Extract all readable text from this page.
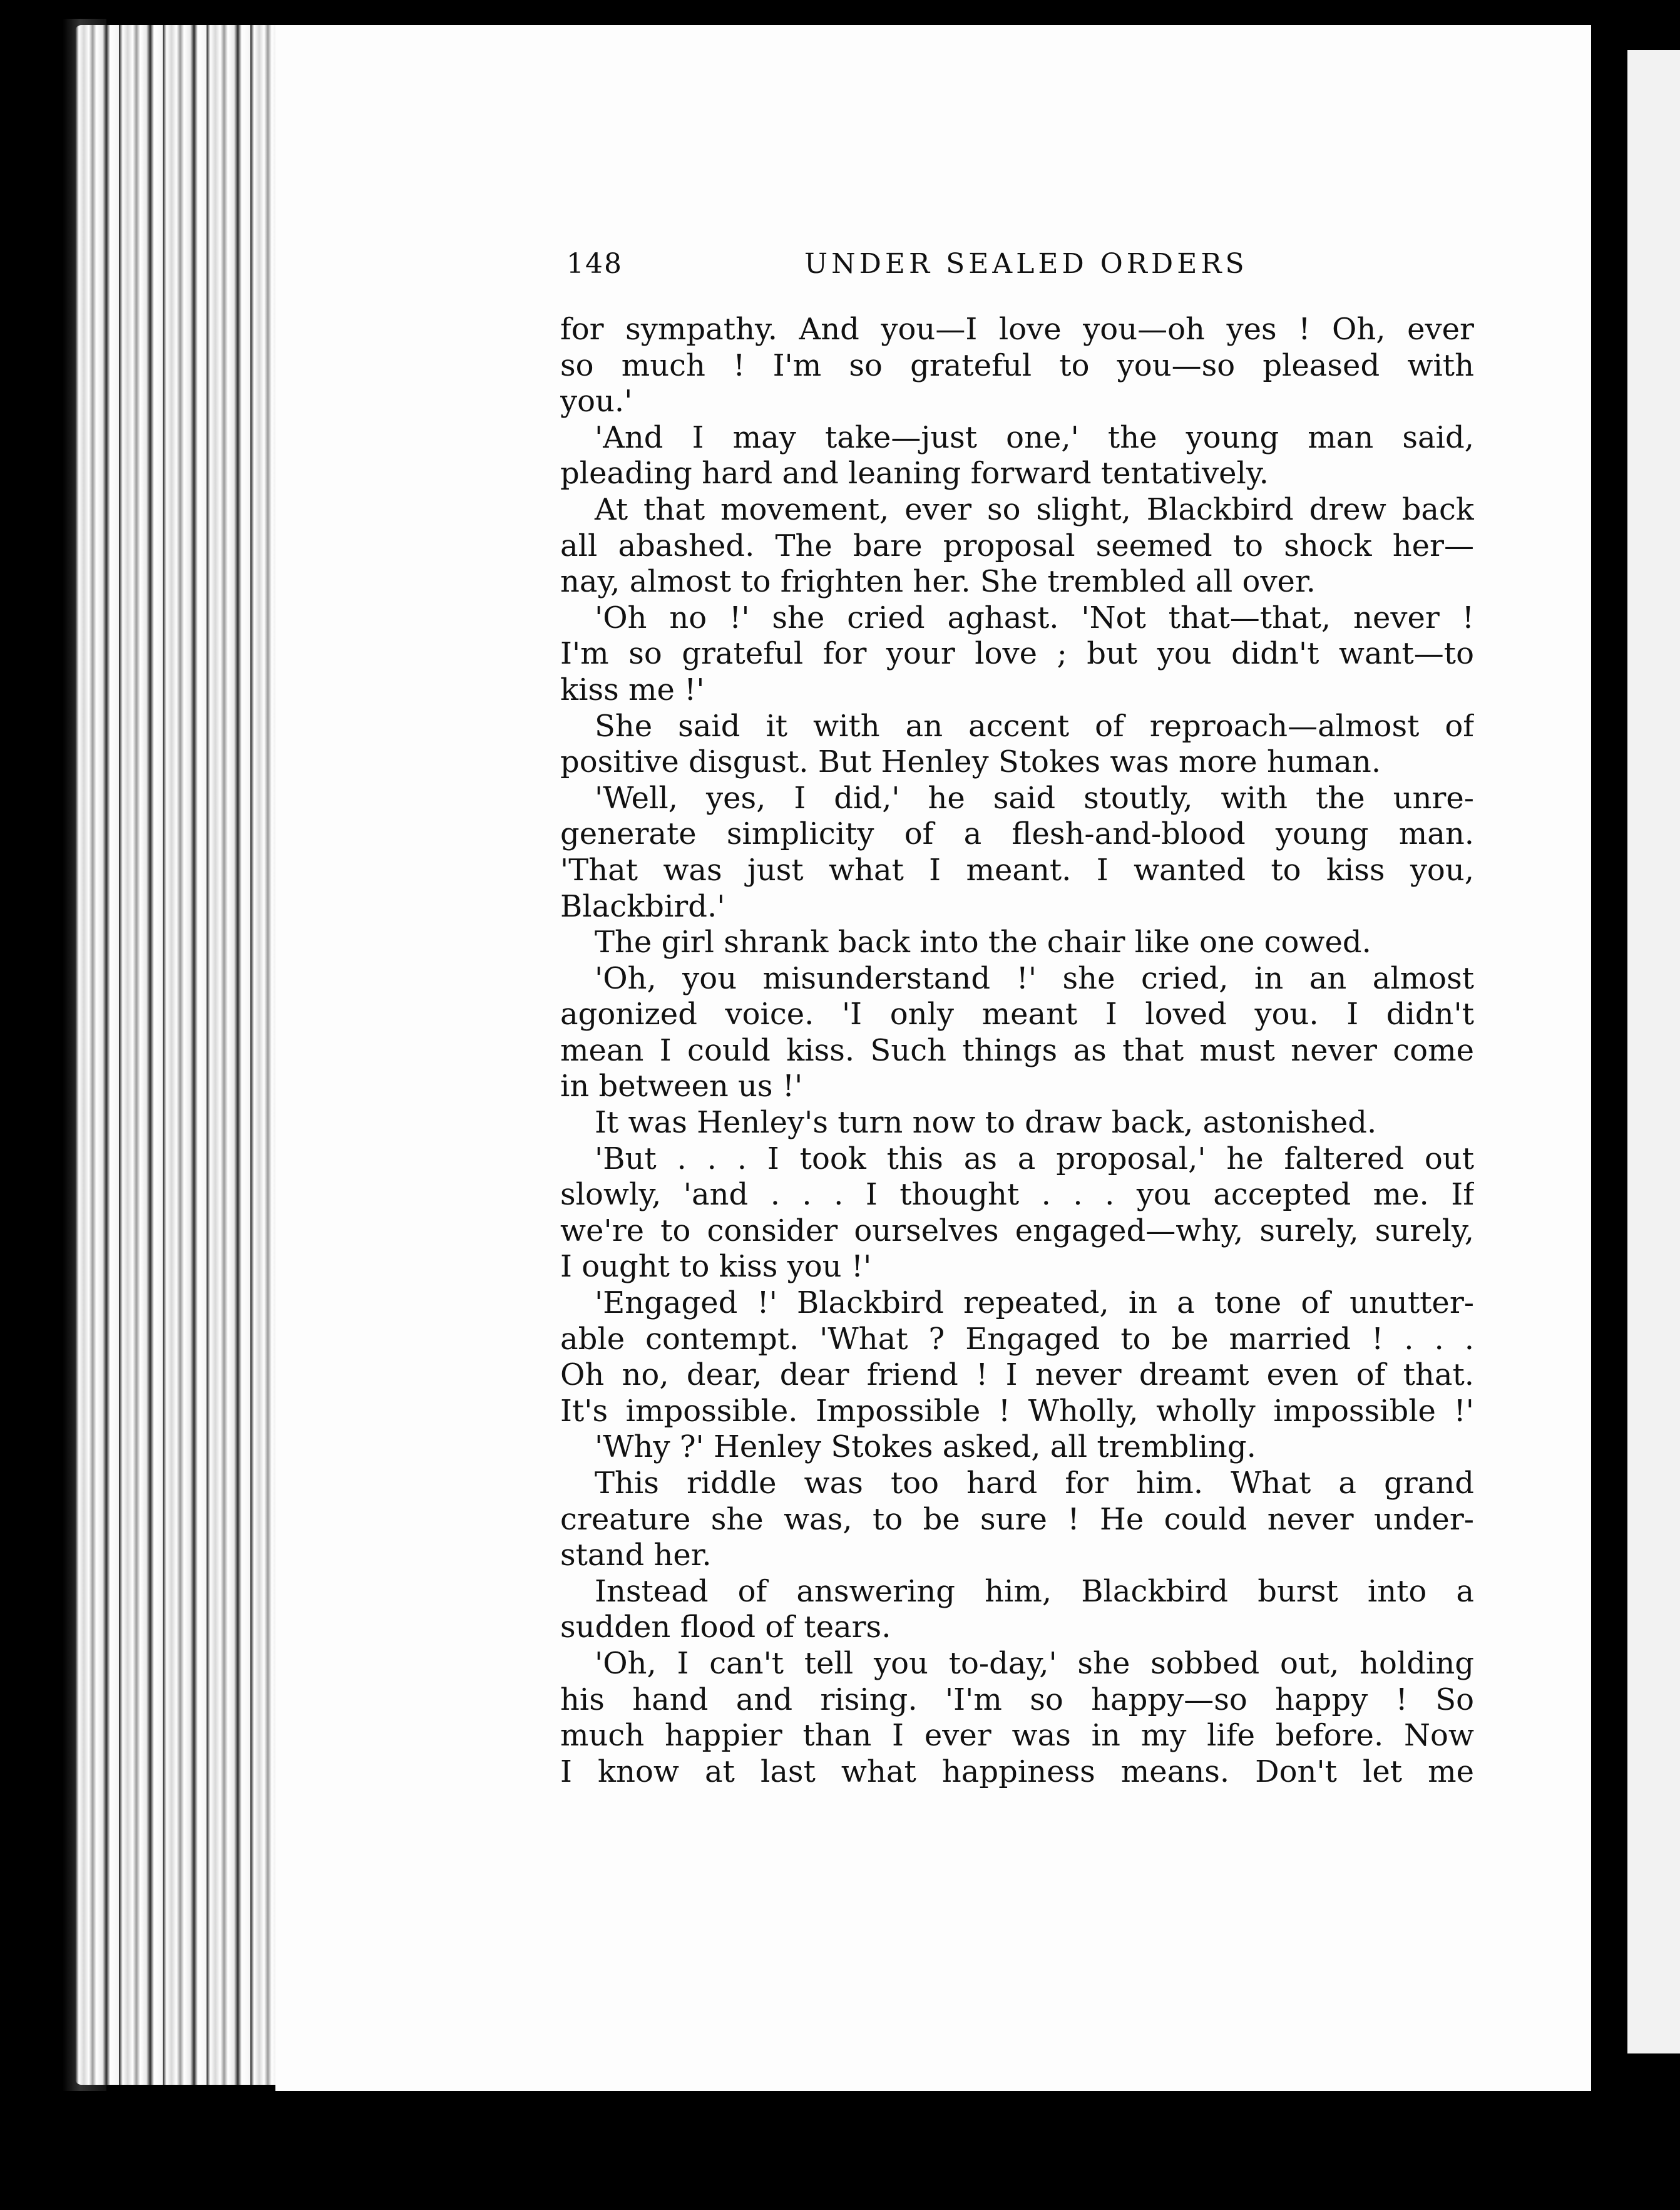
148	UNDER SEALED ORDERS
for sympathy. And you—I love you—oh yes ! Oh, ever
so much ! I'm so grateful to you—so pleased with
you.'
'And I may take—just one,' the young man said,
pleading hard and leaning forward tentatively.
At that movement, ever so slight, Blackbird drew back
all abashed. The bare proposal seemed to shock her—
nay, almost to frighten her. She trembled all over.
'Oh no !' she cried aghast. 'Not that—that, never !
I'm so grateful for your love ; but you didn't want—to
kiss me !'
She said it with an accent of reproach—almost of
positive disgust. But Henley Stokes was more human.
'Well, yes, I did,' he said stoutly, with the unre-
generate simplicity of a flesh-and-blood young man.
'That was just what I meant. I wanted to kiss you,
Blackbird.'
The girl shrank back into the chair like one cowed.
'Oh, you misunderstand !' she cried, in an almost
agonized voice. 'I only meant I loved you. I didn't
mean I could kiss. Such things as that must never come
in between us !'
It was Henley's turn now to draw back, astonished.
'But . . . I took this as a proposal,' he faltered out
slowly, 'and . . . I thought . . . you accepted me. If
we're to consider ourselves engaged—why, surely, surely,
I ought to kiss you !'
'Engaged !' Blackbird repeated, in a tone of unutter-
able contempt. 'What ? Engaged to be married ! . . .
Oh no, dear, dear friend ! I never dreamt even of that.
It's impossible. Impossible ! Wholly, wholly impossible !'
'Why ?' Henley Stokes asked, all trembling.
This riddle was too hard for him. What a grand
creature she was, to be sure ! He could never under-
stand her.
Instead of answering him, Blackbird burst into a
sudden flood of tears.
'Oh, I can't tell you to-day,' she sobbed out, holding
his hand and rising. 'I'm so happy—so happy ! So
much happier than I ever was in my life before. Now
I know at last what happiness means. Don't let me
